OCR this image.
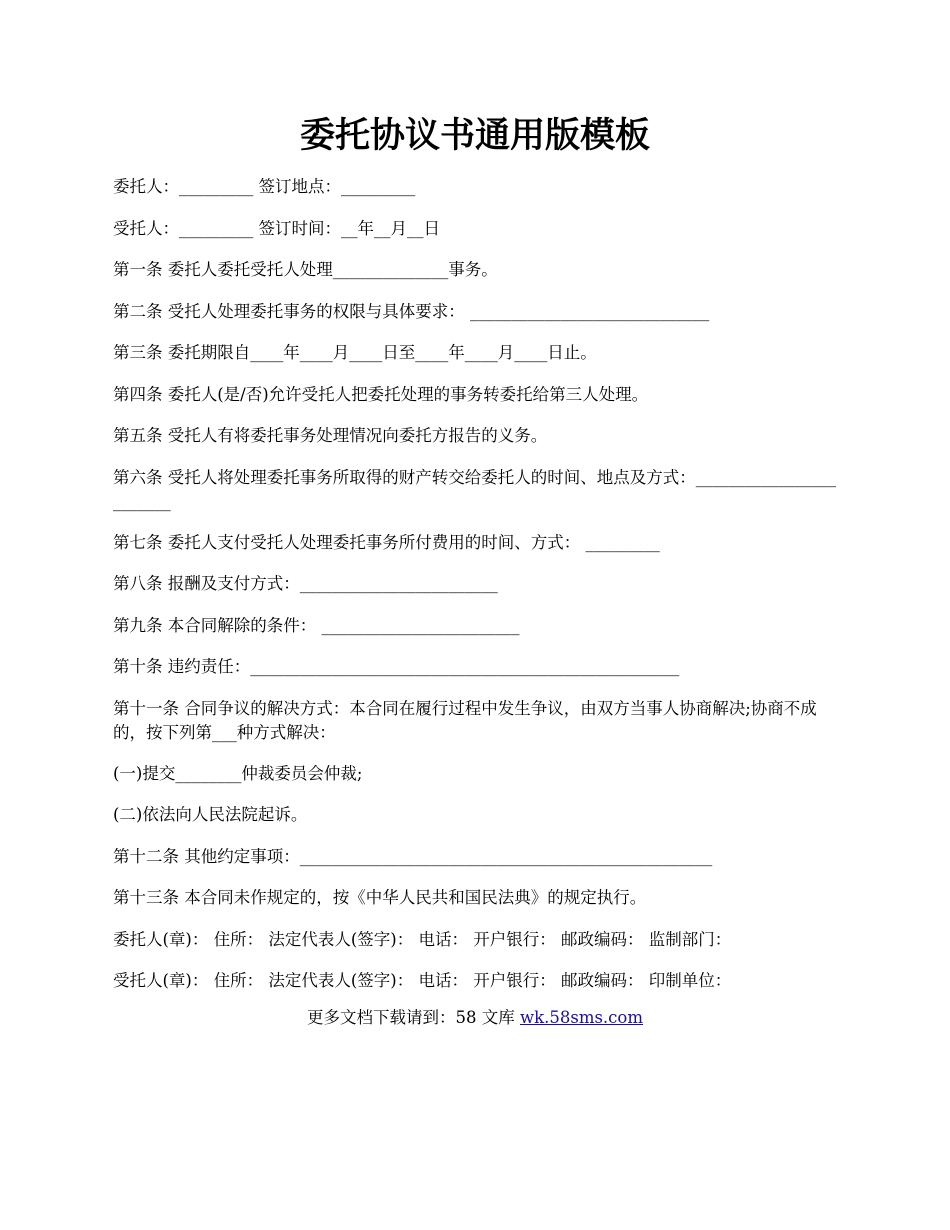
委托协议书通用版模板

委托人：_________ 签订地点：_________

受托人：_________ 签订时间：__年__月__日

第一条 委托人委托受托人处理______________事务。

第二条 受托人处理委托事务的权限与具体要求： _____________________________

第三条 委托期限自____年____月____日至____年____月____日止。

第四条 委托人(是/否)允许受托人把委托处理的事务转委托给第三人处理。

第五条 受托人有将委托事务处理情况向委托方报告的义务。

第六条 受托人将处理委托事务所取得的财产转交给委托人的时间、地点及方式：________________________

第七条 委托人支付受托人处理委托事务所付费用的时间、方式： _________

第八条 报酬及支付方式：________________________

第九条 本合同解除的条件： ________________________

第十条 违约责任：____________________________________________________

第十一条 合同争议的解决方式：本合同在履行过程中发生争议，由双方当事人协商解决;协商不成的，按下列第___种方式解决：

(一)提交________仲裁委员会仲裁;

(二)依法向人民法院起诉。

第十二条 其他约定事项：__________________________________________________

第十三条 本合同未作规定的，按《中华人民共和国民法典》的规定执行。

委托人(章)： 住所： 法定代表人(签字)： 电话： 开户银行： 邮政编码： 监制部门：

受托人(章)： 住所： 法定代表人(签字)： 电话： 开户银行： 邮政编码： 印制单位：

更多文档下载请到：58 文库 wk.58sms.com
